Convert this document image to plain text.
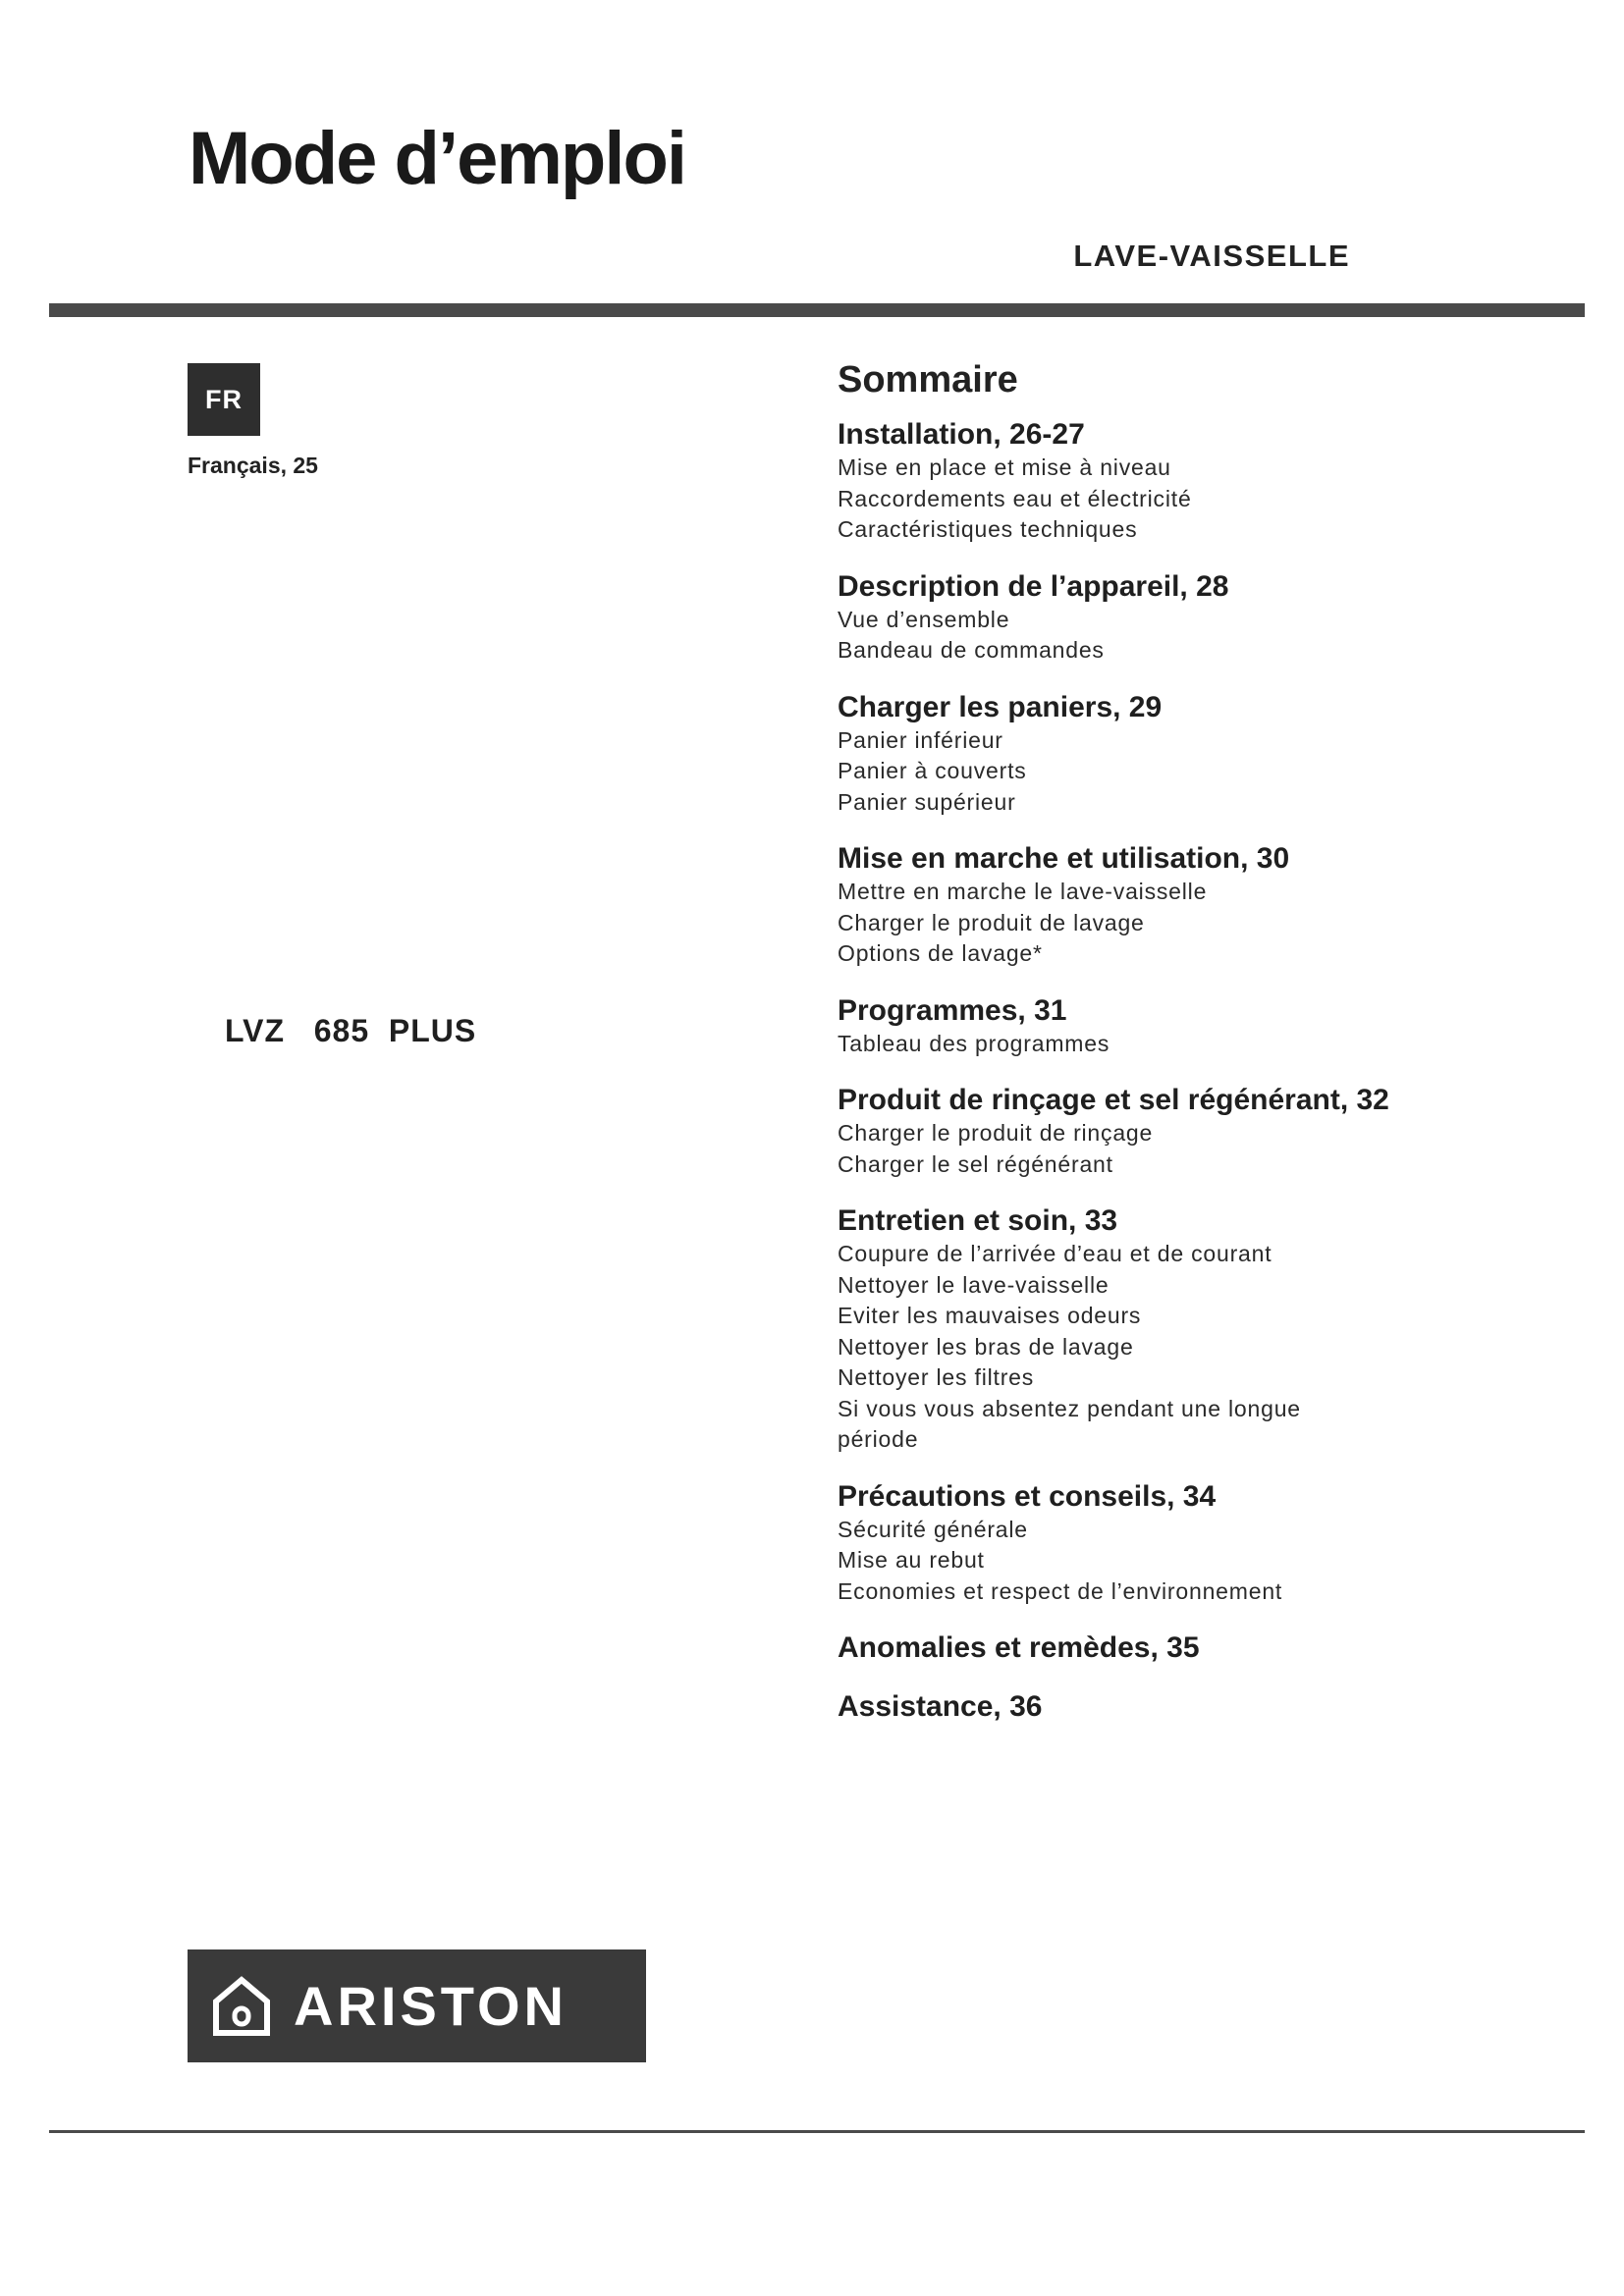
Mode d’emploi
LAVE-VAISSELLE
FR
Français, 25
LVZ   685  PLUS
Sommaire
Installation, 26-27
Mise en place et mise à niveau
Raccordements eau et électricité
Caractéristiques techniques
Description de l’appareil, 28
Vue d’ensemble
Bandeau de commandes
Charger les paniers, 29
Panier inférieur
Panier à couverts
Panier supérieur
Mise en marche et utilisation, 30
Mettre en marche le lave-vaisselle
Charger le produit de lavage
Options de lavage*
Programmes, 31
Tableau des programmes
Produit de rinçage et sel régénérant, 32
Charger le produit de rinçage
Charger le sel régénérant
Entretien et soin, 33
Coupure de l’arrivée d’eau et de courant
Nettoyer le lave-vaisselle
Eviter les mauvaises odeurs
Nettoyer les bras de lavage
Nettoyer les filtres
Si vous vous absentez pendant une longue
période
Précautions et conseils, 34
Sécurité générale
Mise au rebut
Economies et respect de l’environnement
Anomalies et remèdes, 35
Assistance, 36
ARISTON
